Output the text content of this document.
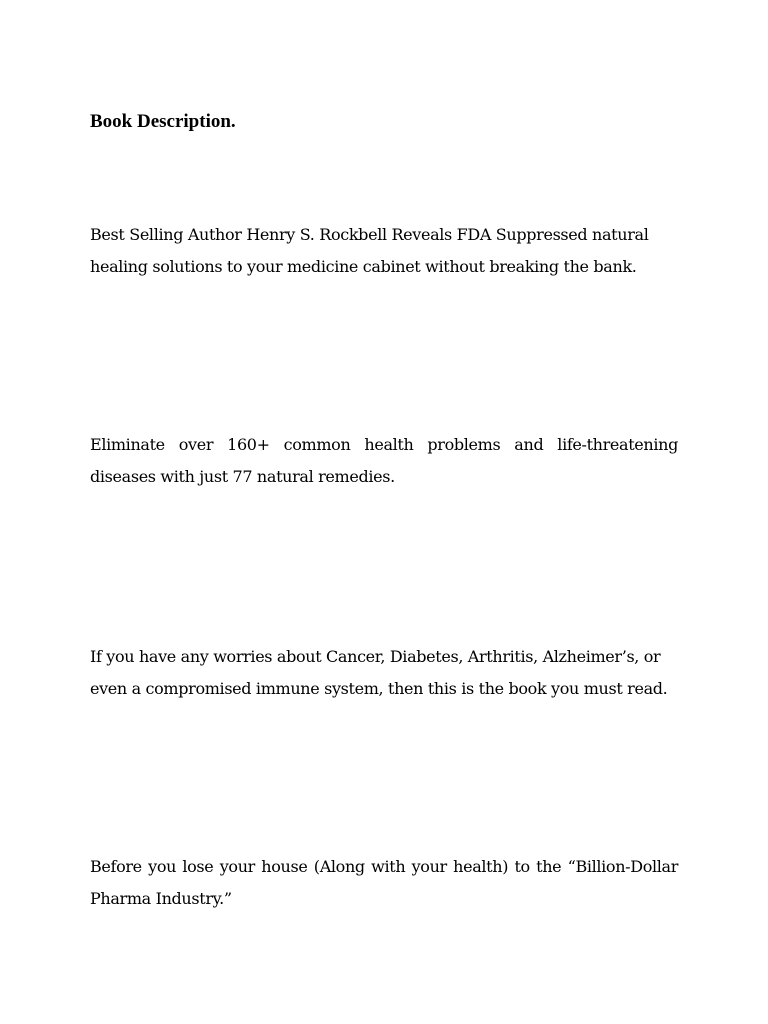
Book Description.

Best Selling Author Henry S. Rockbell Reveals FDA Suppressed natural healing solutions to your medicine cabinet without breaking the bank.

Eliminate over 160+ common health problems and life-threatening diseases with just 77 natural remedies.

If you have any worries about Cancer, Diabetes, Arthritis, Alzheimer’s, or even a compromised immune system, then this is the book you must read.

Before you lose your house (Along with your health) to the “Billion-Dollar Pharma Industry.”
